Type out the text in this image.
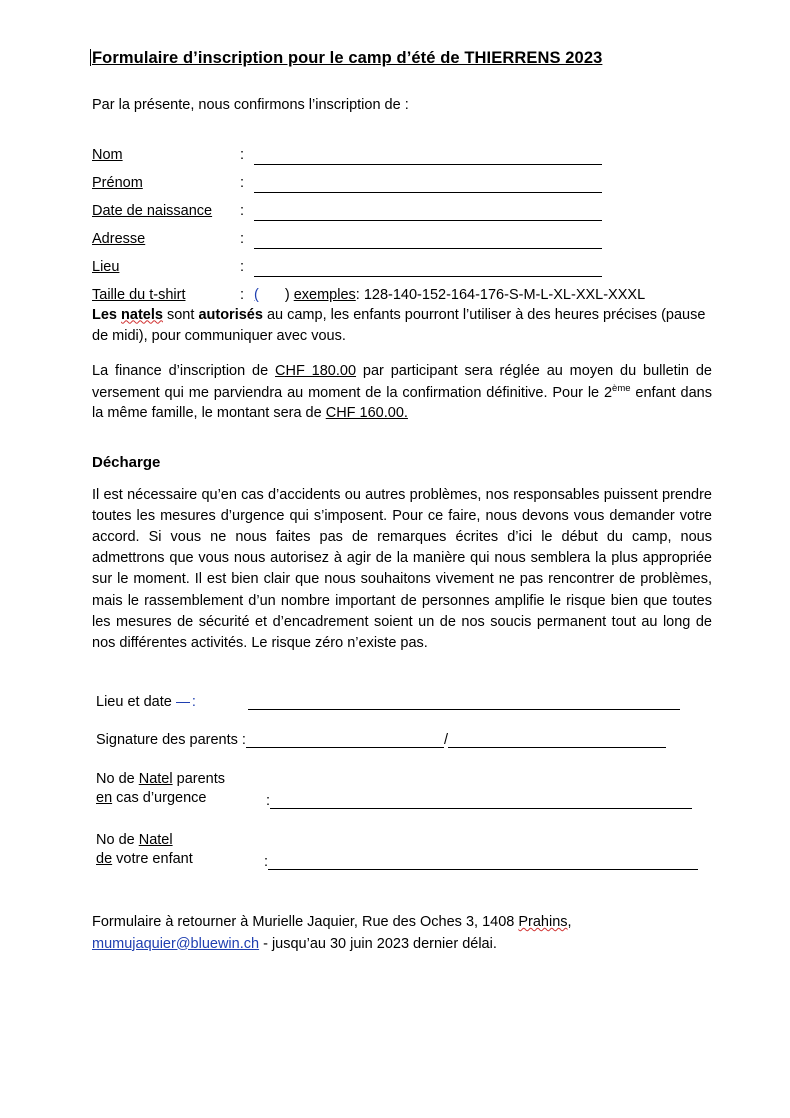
Formulaire d’inscription pour le camp d’été de THIERRENS 2023

Par la présente, nous confirmons l’inscription de :

Nom	:	
Prénom	:	
Date de naissance	:	
Adresse	:	
Lieu	:	
Taille du t-shirt	:	( ) exemples: 128-140-152-164-176-S-M-L-XL-XXL-XXXL

Les natels sont autorisés au camp, les enfants pourront l’utiliser à des heures précises (pause de midi), pour communiquer avec vous.

La finance d’inscription de CHF 180.00 par participant sera réglée au moyen du bulletin de versement qui me parviendra au moment de la confirmation définitive. Pour le 2ème enfant dans la même famille, le montant sera de CHF 160.00.

Décharge

Il est nécessaire qu’en cas d’accidents ou autres problèmes, nos responsables puissent prendre toutes les mesures d’urgence qui s’imposent. Pour ce faire, nous devons vous demander votre accord. Si vous ne nous faites pas de remarques écrites d’ici le début du camp, nous admettrons que vous nous autorisez à agir de la manière qui nous semblera la plus appropriée sur le moment. Il est bien clair que nous souhaitons vivement ne pas rencontrer de problèmes, mais le rassemblement d’un nombre important de personnes amplifie le risque bien que toutes les mesures de sécurité et d’encadrement soient un de nos soucis permanent tout au long de nos différentes activités. Le risque zéro n’existe pas.

Lieu et date :
Signature des parents :	/
No de Natel parents
en cas d’urgence	:
No de Natel
de votre enfant	:
Formulaire à retourner à Murielle Jaquier, Rue des Oches 3, 1408 Prahins,
mumujaquier@bluewin.ch - jusqu’au 30 juin 2023 dernier délai.
